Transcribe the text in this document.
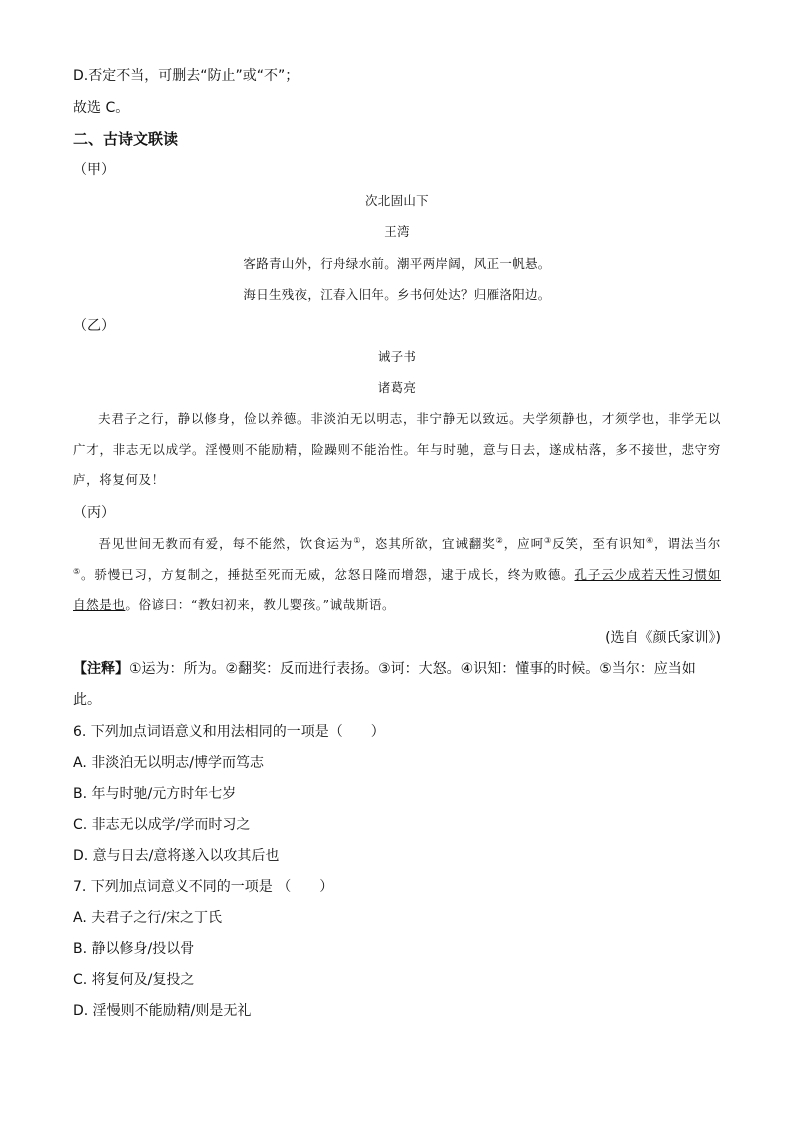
D.否定不当，可删去“防止”或“不”；
故选 C。
二、古诗文联读
（甲）
次北固山下
王湾
客路青山外，行舟绿水前。潮平两岸阔，风正一帆悬。
海日生残夜，江春入旧年。乡书何处达？归雁洛阳边。
（乙）
诫子书
诸葛亮
夫君子之行，静以修身，俭以养德。非淡泊无以明志，非宁静无以致远。夫学须静也，才须学也，非学无以广才，非志无以成学。淫慢则不能励精，险躁则不能治性。年与时驰，意与日去，遂成枯落，多不接世，悲守穷庐，将复何及！
（丙）
吾见世间无教而有爱，每不能然，饮食运为①，恣其所欲，宜诫翻奖②，应呵③反笑，至有识知④，谓法当尔⑤。骄慢已习，方复制之，捶挞至死而无威，忿怒日隆而增怨，逮于成长，终为败德。孔子云少成若天性习惯如自然是也。俗谚曰：“教妇初来，教儿婴孩。”诚哉斯语。
(选自《颜氏家训》)
【注释】①运为：所为。②翻奖：反而进行表扬。③诃：大怒。④识知：懂事的时候。⑤当尔：应当如此。
6. 下列加点词语意义和用法相同的一项是（　　）
A. 非淡泊无以明志/博学而笃志
B. 年与时驰/元方时年七岁
C. 非志无以成学/学而时习之
D. 意与日去/意将遂入以攻其后也
7. 下列加点词意义不同的一项是 （　　）
A. 夫君子之行/宋之丁氏
B. 静以修身/投以骨
C. 将复何及/复投之
D. 淫慢则不能励精/则是无礼
